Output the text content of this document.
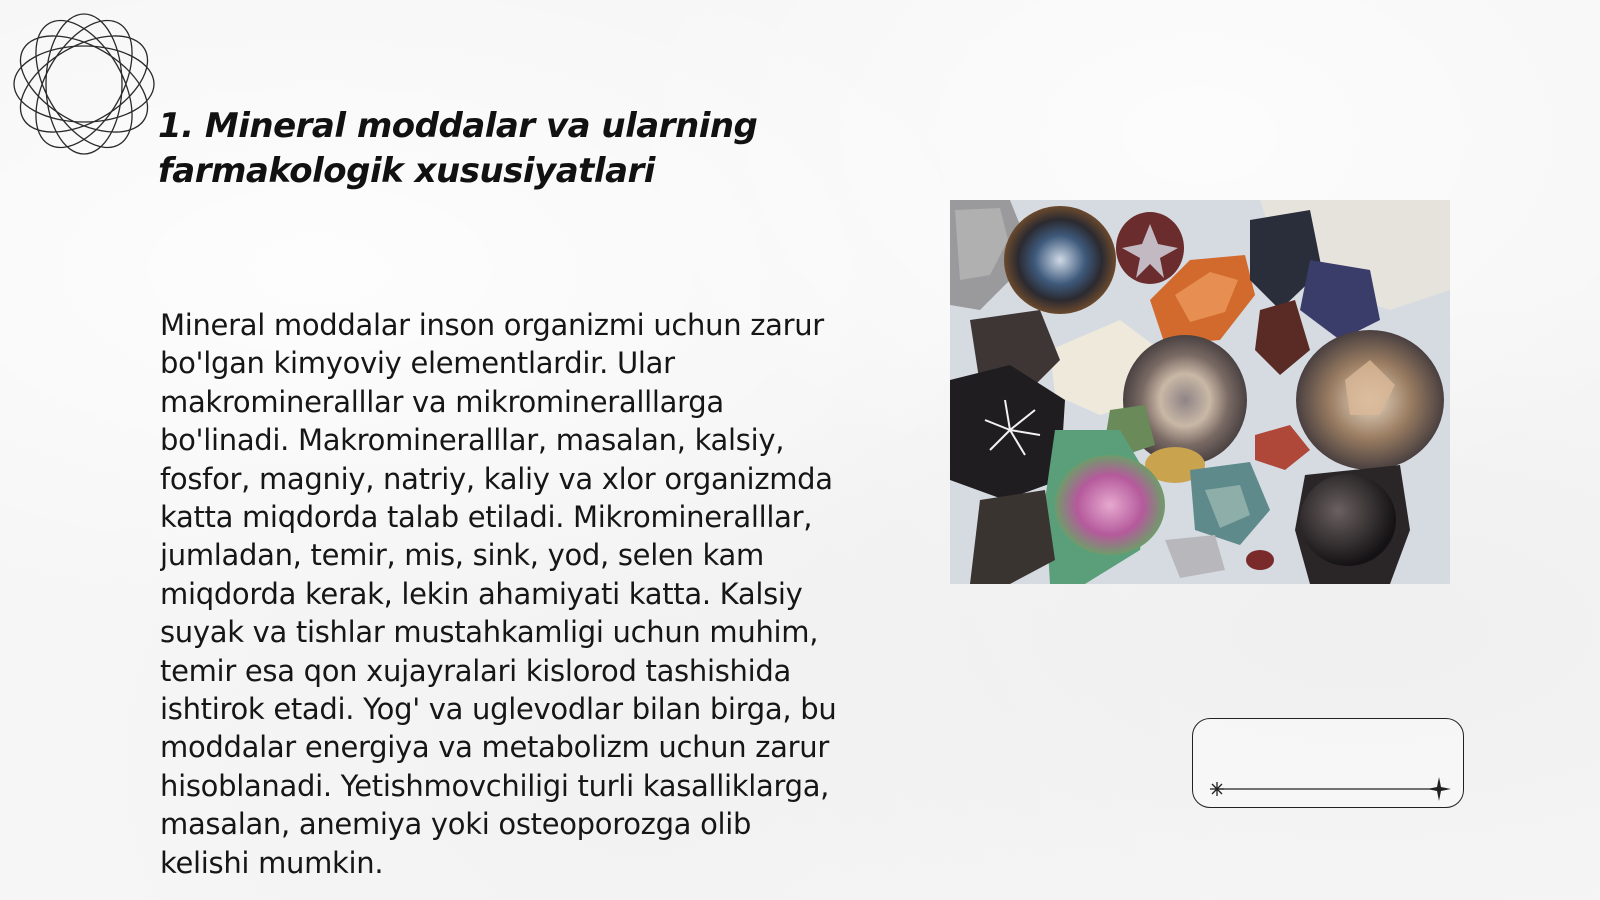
1. Mineral moddalar va ularning
farmakologik xususiyatlari

Mineral moddalar inson organizmi uchun zarur bo'lgan kimyoviy elementlardir. Ular makromineralllar va mikromineralllarga bo'linadi. Makromineralllar, masalan, kalsiy, fosfor, magniy, natriy, kaliy va xlor organizmda katta miqdorda talab etiladi. Mikromineralllar, jumladan, temir, mis, sink, yod, selen kam miqdorda kerak, lekin ahamiyati katta. Kalsiy suyak va tishlar mustahkamligi uchun muhim, temir esa qon xujayralari kislorod tashishida ishtirok etadi. Yog' va uglevodlar bilan birga, bu moddalar energiya va metabolizm uchun zarur hisoblanadi. Yetishmovchiligi turli kasalliklarga, masalan, anemiya yoki osteoporozga olib kelishi mumkin.
